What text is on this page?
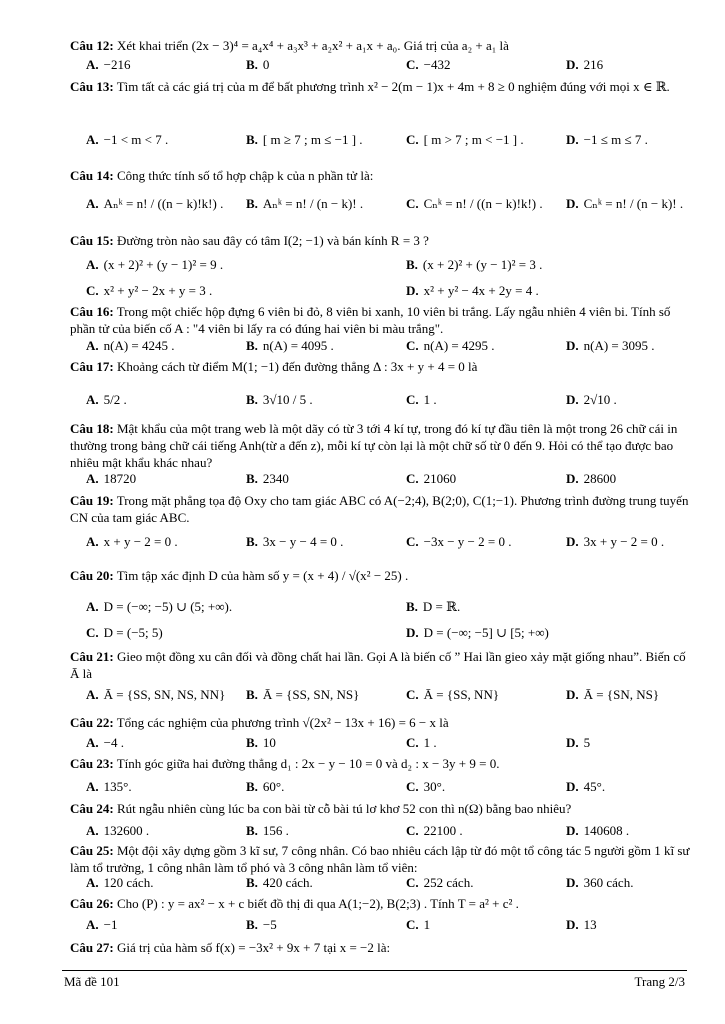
Câu 12: Xét khai triển (2x − 3)⁴ = a₄x⁴ + a₃x³ + a₂x² + a₁x + a₀. Giá trị của a₂ + a₁ là
A. −216	B. 0	C. −432	D. 216
Câu 13: Tìm tất cả các giá trị của m để bất phương trình x² − 2(m − 1)x + 4m + 8 ≥ 0 nghiệm đúng với mọi x ∈ ℝ.
A. −1 < m < 7 .	B. [ m ≥ 7 ; m ≤ −1 ] .	C. [ m > 7 ; m < −1 ] .	D. −1 ≤ m ≤ 7 .
Câu 14: Công thức tính số tổ hợp chập k của n phần tử là:
A. Aₙᵏ = n! / ((n − k)!k!) . B. Aₙᵏ = n! / (n − k)! .	C. Cₙᵏ = n! / ((n − k)!k!) . D. Cₙᵏ = n! / (n − k)! .
Câu 15: Đường tròn nào sau đây có tâm I(2; −1) và bán kính R = 3 ?
A. (x + 2)² + (y − 1)² = 9 .	B. (x + 2)² + (y − 1)² = 3 .
C. x² + y² − 2x + y = 3 .	D. x² + y² − 4x + 2y = 4 .
Câu 16: Trong một chiếc hộp đựng 6 viên bi đỏ, 8 viên bi xanh, 10 viên bi trắng. Lấy ngẫu nhiên 4 viên bi. Tính số phần tử của biến cố A : "4 viên bi lấy ra có đúng hai viên bi màu trắng".
A. n(A) = 4245 .	B. n(A) = 4095 .	C. n(A) = 4295 .	D. n(A) = 3095 .
Câu 17: Khoảng cách từ điểm M(1; −1) đến đường thẳng Δ : 3x + y + 4 = 0 là
A. 5/2 .	B. 3√10 / 5 .	C. 1 .	D. 2√10 .
Câu 18: Mật khẩu của một trang web là một dãy có từ 3 tới 4 kí tự, trong đó kí tự đầu tiên là một trong 26 chữ cái in thường trong bảng chữ cái tiếng Anh(từ a đến z), mỗi kí tự còn lại là một chữ số từ 0 đến 9. Hỏi có thể tạo được bao nhiêu mật khẩu khác nhau?
A. 18720	B. 2340	C. 21060	D. 28600
Câu 19: Trong mặt phẳng tọa độ Oxy cho tam giác ABC có A(−2;4), B(2;0), C(1;−1). Phương trình đường trung tuyến CN của tam giác ABC.
A. x + y − 2 = 0 .	B. 3x − y − 4 = 0 .	C. −3x − y − 2 = 0 .	D. 3x + y − 2 = 0 .
Câu 20: Tìm tập xác định D của hàm số y = (x + 4) / √(x² − 25) .
A. D = (−∞; −5) ∪ (5; +∞).	B. D = ℝ.
C. D = (−5; 5)	D. D = (−∞; −5] ∪ [5; +∞)
Câu 21: Gieo một đồng xu cân đối và đồng chất hai lần. Gọi A là biến cố ” Hai lần gieo xảy mặt giống nhau”. Biến cố Ā là
A. Ā = {SS, SN, NS, NN} B. Ā = {SS, SN, NS}	C. Ā = {SS, NN}	D. Ā = {SN, NS}
Câu 22: Tổng các nghiệm của phương trình √(2x² − 13x + 16) = 6 − x là
A. −4 .	B. 10	C. 1 .	D. 5
Câu 23: Tính góc giữa hai đường thẳng d₁ : 2x − y − 10 = 0 và d₂ : x − 3y + 9 = 0.
A. 135°.	B. 60°.	C. 30°.	D. 45°.
Câu 24: Rút ngẫu nhiên cùng lúc ba con bài từ cỗ bài tú lơ khơ 52 con thì n(Ω) bằng bao nhiêu?
A. 132600 .	B. 156 .	C. 22100 .	D. 140608 .
Câu 25: Một đội xây dựng gồm 3 kĩ sư, 7 công nhân. Có bao nhiêu cách lập từ đó một tổ công tác 5 người gồm 1 kĩ sư làm tổ trưởng, 1 công nhân làm tổ phó và 3 công nhân làm tổ viên:
A. 120 cách.	B. 420 cách.	C. 252 cách.	D. 360 cách.
Câu 26: Cho (P) : y = ax² − x + c biết đồ thị đi qua A(1;−2), B(2;3) . Tính T = a² + c² .
A. −1	B. −5	C. 1	D. 13
Câu 27: Giá trị của hàm số f(x) = −3x² + 9x + 7 tại x = −2 là:
Mã đề 101	Trang 2/3
